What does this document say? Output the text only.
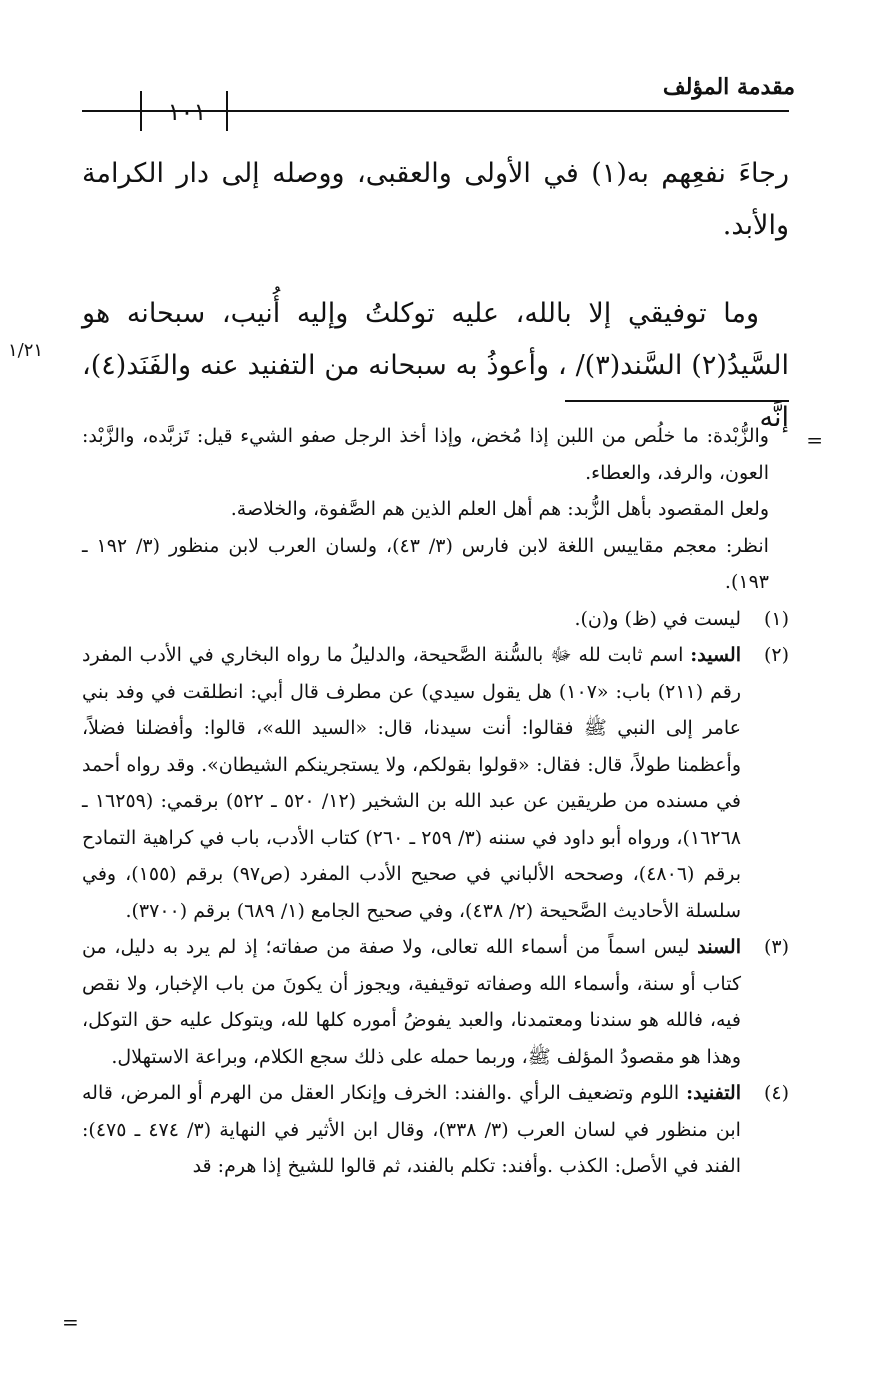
مقدمة المؤلف
١٠١
رجاءَ نفعِهم به(١) في الأولى والعقبى، ووصله إلى دار الكرامة والأبد.
وما توفيقي إلا بالله، عليه توكلتُ وإليه أُنيب، سبحانه هو السَّيدُ(٢) السَّند(٣)/ ، وأعوذُ به سبحانه من التفنيد عنه والفَنَد(٤)، إنَّه
١/٢١
=

والزُّبْدة: ما خلُص من اللبن إذا مُخض، وإذا أخذ الرجل صفو الشيء قيل: تَزبَّده، والزَّبْد: العون، والرفد، والعطاء.

ولعل المقصود بأهل الزُّبد: هم أهل العلم الذين هم الصَّفوة، والخلاصة.

انظر: معجم مقاييس اللغة لابن فارس (٣/ ٤٣)، ولسان العرب لابن منظور (٣/ ١٩٢ ـ ١٩٣).

(١)
ليست في (ظ) و(ن).
(٢)
السيد: اسم ثابت لله ﷻ بالسُّنة الصَّحيحة، والدليلُ ما رواه البخاري في الأدب المفرد رقم (٢١١) باب: «١٠٧) هل يقول سيدي) عن مطرف قال أبي: انطلقت في وفد بني عامر إلى النبي ﷺ فقالوا: أنت سيدنا، قال: «السيد الله»، قالوا: وأفضلنا فضلاً، وأعظمنا طولاً، قال: فقال: «قولوا بقولكم، ولا يستجرينكم الشيطان». وقد رواه أحمد في مسنده من طريقين عن عبد الله بن الشخير (١٢/ ٥٢٠ ـ ٥٢٢) برقمي: (١٦٢٥٩ ـ ١٦٢٦٨)، ورواه أبو داود في سننه (٣/ ٢٥٩ ـ ٢٦٠) كتاب الأدب، باب في كراهية التمادح برقم (٤٨٠٦)، وصححه الألباني في صحيح الأدب المفرد (ص٩٧) برقم (١٥٥)، وفي سلسلة الأحاديث الصَّحيحة (٢/ ٤٣٨)، وفي صحيح الجامع (١/ ٦٨٩) برقم (٣٧٠٠).
(٣)
السند ليس اسماً من أسماء الله تعالى، ولا صفة من صفاته؛ إذ لم يرد به دليل، من كتاب أو سنة، وأسماء الله وصفاته توقيفية، ويجوز أن يكونَ من باب الإخبار، ولا نقص فيه، فالله هو سندنا ومعتمدنا، والعبد يفوضُ أموره كلها لله، ويتوكل عليه حق التوكل، وهذا هو مقصودُ المؤلف ﷺ، وربما حمله على ذلك سجع الكلام، وبراعة الاستهلال.
(٤)
التفنيد: اللوم وتضعيف الرأي .والفند: الخرف وإنكار العقل من الهرم أو المرض، قاله ابن منظور في لسان العرب (٣/ ٣٣٨)، وقال ابن الأثير في النهاية (٣/ ٤٧٤ ـ ٤٧٥): الفند في الأصل: الكذب .وأفند: تكلم بالفند، ثم قالوا للشيخ إذا هرم: قد
=
